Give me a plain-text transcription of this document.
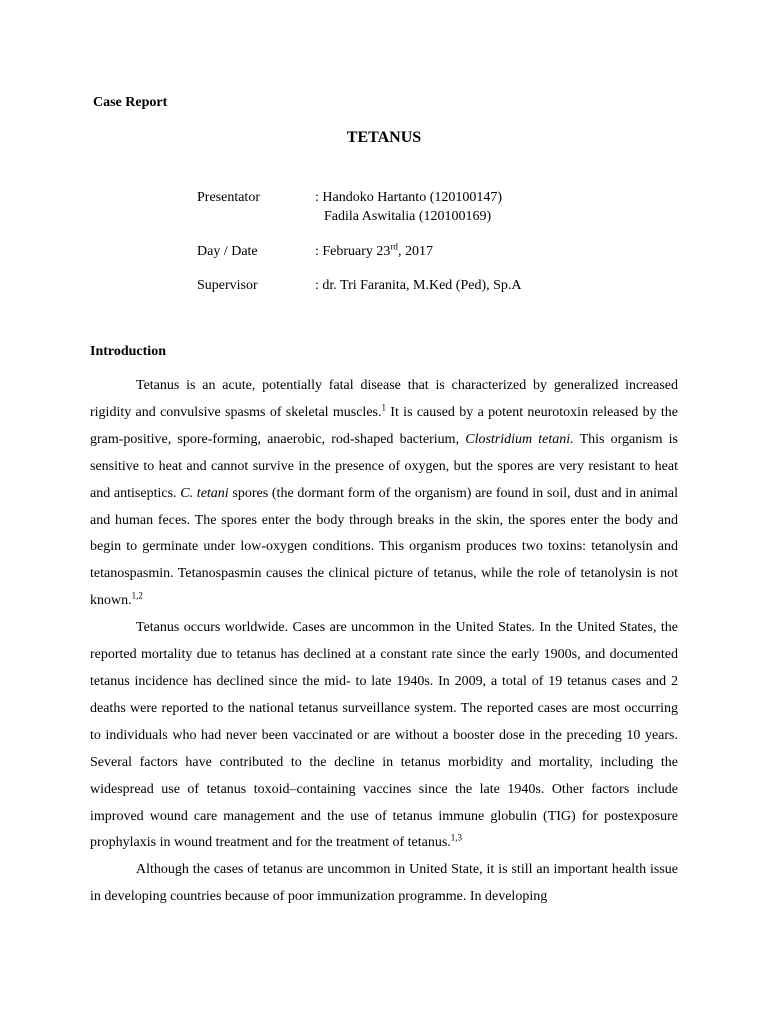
Case Report
TETANUS
Presentator	: Handoko Hartanto (120100147)
Fadila Aswitalia (120100169)
Day / Date	: February 23rd, 2017
Supervisor	: dr. Tri Faranita, M.Ked (Ped), Sp.A
Introduction

Tetanus is an acute, potentially fatal disease that is characterized by generalized increased rigidity and convulsive spasms of skeletal muscles.$^1$ It is caused by a potent neurotoxin released by the gram-positive, spore-forming, anaerobic, rod-shaped bacterium, Clostridium tetani. This organism is sensitive to heat and cannot survive in the presence of oxygen, but the spores are very resistant to heat and antiseptics. C. tetani spores (the dormant form of the organism) are found in soil, dust and in animal and human feces. The spores enter the body through breaks in the skin, the spores enter the body and begin to germinate under low-oxygen conditions. This organism produces two toxins: tetanolysin and tetanospasmin. Tetanospasmin causes the clinical picture of tetanus, while the role of tetanolysin is not known.$^{1,2}$

Tetanus occurs worldwide. Cases are uncommon in the United States. In the United States, the reported mortality due to tetanus has declined at a constant rate since the early 1900s, and documented tetanus incidence has declined since the mid- to late 1940s. In 2009, a total of 19 tetanus cases and 2 deaths were reported to the national tetanus surveillance system. The reported cases are most occurring to individuals who had never been vaccinated or are without a booster dose in the preceding 10 years. Several factors have contributed to the decline in tetanus morbidity and mortality, including the widespread use of tetanus toxoid–containing vaccines since the late 1940s. Other factors include improved wound care management and the use of tetanus immune globulin (TIG) for postexposure prophylaxis in wound treatment and for the treatment of tetanus.$^{1,3}$

Although the cases of tetanus are uncommon in United State, it is still an important health issue in developing countries because of poor immunization programme. In developing
